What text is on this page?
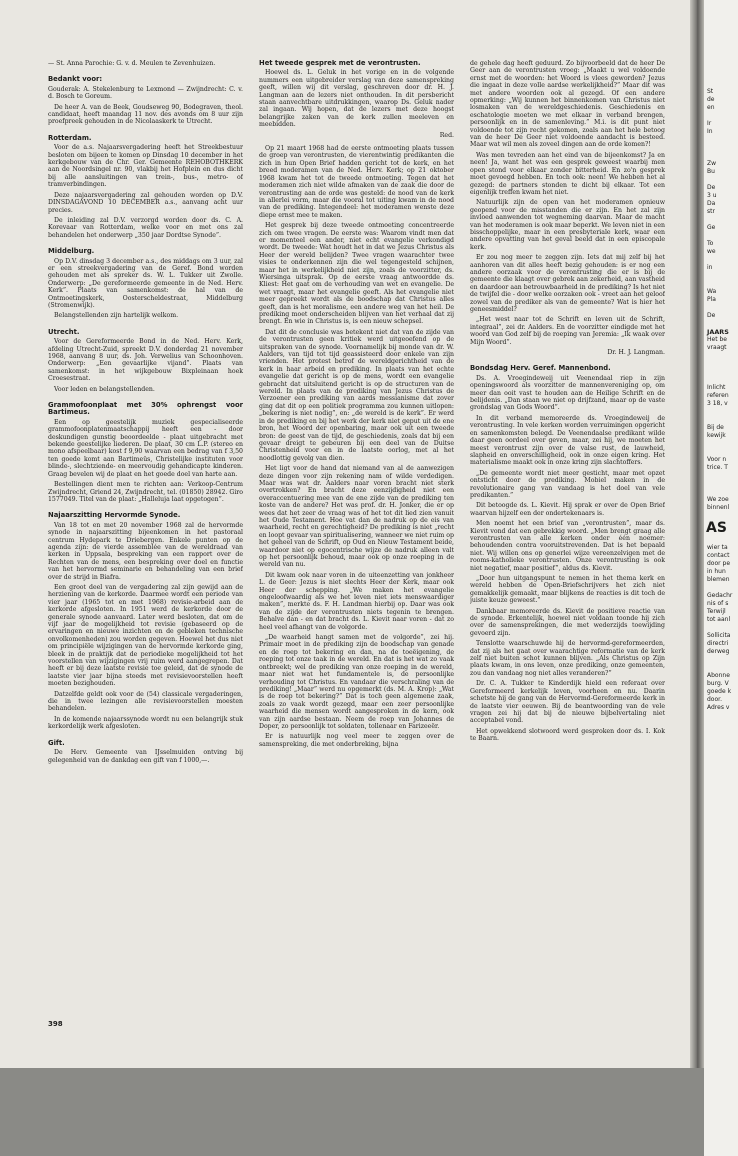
— St. Anna Parochie: G. v. d. Meulen te Zevenhuizen.

Bedankt voor:

Gouderak: A. Stekelenburg te Lexmond — Zwijndrecht: C. v. d. Bosch te Goreum.

De heer A. van de Beek, Goudseweg 90, Bodegraven, theol. candidaat, heeft maandag 11 nov. des avonds om 8 uur zijn proefpreek gehouden in de Nicolaaskerk te Utrecht.

Rotterdam.

Voor de a.s. Najaarsvergadering heeft het Streekbestuur besloten om bijeen te komen op Dinsdag 10 december in het kerkgebouw van de Chr. Ger. Gemeente REHOBOTHKERK aan de Noordsingel nr. 90, vlakbij het Hofplein en dus dicht bij alle aansluitingen van trein-, bus-, metro- of tramverbindingen.

Deze najaarsvergadering zal gehouden worden op D.V. DINSDAGAVOND 10 DECEMBER a.s., aanvang acht uur precies.

De inleiding zal D.V. verzorgd worden door ds. C. A. Korevaar van Rotterdam, welke voor en met ons zal behandelen het onderwerp „350 jaar Dordtse Synode”.

Middelburg.

Op D.V. dinsdag 3 december a.s., des middags om 3 uur, zal er een streekvergadering van de Geref. Bond worden gehouden met als spreker ds. W. L. Tukker uit Zwolle. Onderwerp: „De gereformeerde gemeente in de Ned. Herv. Kerk”. Plaats van samenkomst: de hal van de Ontmoetingskerk, Oosterscheldestraat, Middelburg (Stromenwijk).

Belangstellenden zijn hartelijk welkom.

Utrecht.

Voor de Gereformeerde Bond in de Ned. Herv. Kerk, afdeling Utrecht-Zuid, spreekt D.V. donderdag 21 november 1968, aanvang 8 uur, ds. Joh. Verwelius van Schoonhoven. Onderwerp: „Een gevaarlijke vijand”. Plaats van samenkomst: in het wijkgebouw Bixpleinaan hoek Croesestraat.

Voor leden en belangstellenden.

Grammofoonplaat met 30% ophrengst voor Bartimeus.

Een op geestelijk muziek gespecialiseerde grammofoonplatenmaatschappij heeft een - door deskundigen gunstig beoordeelde - plaat uitgebracht met bekende geestelijke liederen. De plaat, 30 cm L.P. (stereo en mono afspeelbaar) kost f 9,90 waarvan een bedrag van f 3,50 ten goede komt aan Bartimeüs, Christelijke instituten voor blinde-, slechtziende- en meervoudig gehandicapte kinderen. Graag bevelen wij de plaat en het goede doel van harte aan.

Bestellingen dient men te richten aan: Verkoop-Centrum Zwijndrecht, Griend 24, Zwijndrecht, tel. (01850) 28942. Giro 1577049. Titel van de plaat: „Halleluja laat opgetogen”.

Najaarszitting Hervormde Synode.

Van 18 tot en met 20 november 1968 zal de hervormde synode in najaarszitting bijeenkomen in het pastoraal centrum Hydepark te Driebergen. Enkele punten op de agenda zijn: de vierde assemblée van de wereldraad van kerken in Uppsala, bespreking van een rapport over de Rechten van de mens, een bespreking over doel en functie van het hervormd seminarie en behandeling van een brief over de strijd in Biafra.

Een groot deel van de vergadering zal zijn gewijd aan de herziening van de kerkorde. Daarmee wordt een periode van vier jaar (1965 tot en met 1968) revisie-arbeid aan de kerkorde afgesloten. In 1951 werd de kerkorde door de generale synode aanvaard. Later werd besloten, dat om de vijf jaar de mogelijkheid tot revisie (gebaseerd op de ervaringen en nieuwe inzichten en de gebleken technische onvolkomenheden) zou worden gegeven. Hoewel het dus niet om principiële wijzigingen van de hervormde kerkorde ging, bleek in de praktijk dat de periodieke mogelijkheid tot het voorstellen van wijzigingen vrij ruim werd aangegrepen. Dat heeft er bij deze laatste revisie toe geleid, dat de synode de laatste vier jaar bijna steeds met revisievoorstellen heeft moeten bezighouden.

Datzelfde geldt ook voor de (54) classicale vergaderingen, die in twee lezingen alle revisievoorstellen moesten behandelen.

In de komende najaarssynode wordt nu een belangrijk stuk kerkordelijk werk afgesloten.

Gift.

De Herv. Gemeente van IJsselmuiden ontving bij gelegenheid van de dankdag een gift van f 1000,—.

Het tweede gesprek met de verontrusten.

Hoewel ds. L. Geluk in het vorige en in de volgende nummers een uitgebreider verslag van deze samenspreking geeft, willen wij dit verslag, geschreven door dr. H. J. Langman aan de lezers niet onthouden. In dit persbericht staan aanvechtbare uitdrukkingen, waarop Ds. Geluk nader zal ingaan. Wij hopen, dat de lezers met deze hoogst belangrijke zaken van de kerk zullen meeleven en meebidden.

Red.

Op 21 maart 1968 had de eerste ontmoeting plaats tussen de groep van verontrusten, de vierentwintig predikanten die zich in hun Open Brief hadden gericht tot de kerk, en het breed moderamen van de Ned. Herv. Kerk; op 21 oktober 1968 kwam het tot de tweede ontmoeting. Tegen dat het moderamen zich niet wilde afmaken van de zaak die door de verontrusting aan de orde was gesteld: de nood van de kerk in allerlei vorm, maar die vooral tot uiting kwam in de nood van de prediking. Integendeel: het moderamen wenste deze diepe ernst mee te maken.

Het gesprek bij deze tweede ontmoeting concentreerde zich om twee vragen. De eerste was: Waarom vindt men dat er momenteel een ander, niet echt evangelie verkondigd wordt. De tweede: Wat houdt het in dat we Jezus Christus als Heer der wereld belijden? Twee vragen waarachter twee visies te onderkennen zijn die wel tegengesteld schijnen, maar het in werkelijkheid niet zijn, zoals de voorzitter, ds. Wiersinga uitsprak. Op de eerste vraag antwoordde ds. Kliest: Het gaat om de verhouding van wet en evangelie. De wet vraagt, maar het evangelie geeft. Als het evangelie niet meer gepreekt wordt als de boodschap dat Christus alles geeft, dan is het moralisme, een andere weg van het heil. De prediking moet onderscheiden blijven van het verhaal dat zij brengt. En wie in Christus is, is een nieuw schepsel.

Dat dit de conclusie was betekent niet dat van de zijde van de verontrusten geen kritiek werd uitgeoefend op de uitspraken van de synode. Voornamelijk bij monde van dr. W. Aalders, van tijd tot tijd geassisteerd door enkele van zijn vrienden. Het protest betrof de wereldgerichtheid van de kerk in haar arbeid en prediking. In plaats van het echte evangelie dat gericht is op de mens, wordt een evangelie gebracht dat uitsluitend gericht is op de structuren van de wereld. In plaats van de prediking van Jezus Christus de Verzoener een prediking van aards messianisme dat zover ging dat dit op een politiek programma zou kunnen uitlopen: „bekering is niet nodig”, en: „de wereld is de kerk”. Er werd in de prediking en bij het werk der kerk niet geput uit de ene bron, het Woord der openbaring, maar ook uit een tweede bron: de geest van de tijd, de geschiedenis, zoals dat bij een gevaar dreigt te gebeuren bij een deel van de Duitse Christenheid voor en in de laatste oorlog, met al het noodlottig gevolg van dien.

Het ligt voor de hand dat niemand van al de aanwezigen deze dingen voor zijn rekening nam of wilde verdedigen. Maar was wat dr. Aalders naar voren bracht niet sterk overtrokken? En bracht deze eenzijdigheid niet een overaccentuering mee van de ene zijde van de prediking ten koste van de andere? Het was prof. dr. H. Jonker, die er op wees dat het zeer de vraag was of het tot dit lied zien vanuit het Oude Testament. Hoe vat dan de nadruk op de eis van waarheid, recht en gerechtigheid? De prediking is niet „recht en loopt gevaar van spiritualisering, wanneer we niet ruim op het geheel van de Schrift, op Oud en Nieuw Testament beide, waardoor niet op egocentrische wijze de nadruk alleen valt op het persoonlijk behoud, maar ook op onze roeping in de wereld van nu.

Dit kwam ook naar voren in de uiteenzetting van jonkheer L. de Geer: Jezus is niet slechts Heer der Kerk, maar ook Heer der schepping. „We maken het evangelie ongeloofwaardig als we het leven niet iets menswaardiger maken”, merkte ds. F. H. Landman hierbij op. Daar was ook van de zijde der verontrusten niets tegenin te brengen. Behalve dan - en dat bracht ds. L. Kievit naar voren - dat zo heel veel afhangt van de volgorde.

„De waarheid hangt samen met de volgorde”, zei hij. Primair moet in de prediking zijn de boodschap van genade en de roep tot bekering en dan, na de toeëigening, de roeping tot onze taak in de wereld. En dat is het wat zo vaak ontbreekt; wel de prediking van onze roeping in de wereld, maar niet wat het fundamentele is, de persoonlijke verhouding tot Christus. En vandaar die verschraling van de prediking! „Maar” werd nu opgemerkt (ds. M. A. Krop): „Wat is de roep tot bekering?” Dat is toch geen algemene zaak, zoals zo vaak wordt gezegd, maar een zeer persoonlijke waarheid die mensen wordt aangesproken in de kern, ook van zijn aardse bestaan. Neem de roep van Johannes de Doper, zo persoonlijk tot soldaten, tollenaar en Farizeeër.

Er is natuurlijk nog veel meer te zeggen over de samenspreking, die met onderbreking, bijna

de gehele dag heeft geduurd. Zo bijvoorbeeld dat de heer De Geer aan de verontrusten vroeg: „Maakt u wel voldoende ernst met de woorden: het Woord is vlees geworden? Jezus die ingaat in deze volle aardse werkelijkheid?” Maar dit was met andere woorden ook al gezegd. Of een andere opmerking: „Wij kunnen het binnenkomen van Christus niet losmaken van de wereldgeschiedenis. Geschiedenis en eschatologie moeten we met elkaar in verband brengen, persoonlijk en in de samenleving.” M.i. is dit punt niet voldoende tot zijn recht gekomen, zoals aan het hele betoog van de heer De Geer niet voldoende aandacht is besteed. Maar wat wil men als zoveel dingen aan de orde komen?!

Was men tevreden aan het eind van de bijeenkomst? Ja en neen! Ja, want het was een gesprek geweest waarbij men open stond voor elkaar zonder bitterheid. En zo'n gesprek moet gevoegd hebben. En toch ook: neen! We hebben het al gezegd: de partners stonden te dicht bij elkaar. Tot een eigenlijk treffen kwam het niet.

Natuurlijk zijn de open van het moderamen opnieuw geopend voor de misstanden die er zijn. En het zal zijn invloed aanwenden tot wegneming daarvan. Maar de macht van het moderamen is ook maar beperkt. We leven niet in een bisschoppelijke, maar in een presbyteriale kerk, waar een andere opvatting van het geval beeld dat in een episcopale kerk.

Er zou nog meer te zeggen zijn. Iets dat mij zelf bij het aanhoren van dit alles heeft bezig gehouden: is er nog een andere oorzaak voor de verontrusting die er is bij de gemeente die klaagt over gebrek aan zekerheid, aan vastheid en daardoor aan betrouwbaarheid in de prediking? Is het niet de twijfel die - door welke oorzaken ook - vreet aan het geloof zowel van de prediker als van de gemeente? Wat is hier het geneesmiddel?

„Het west naar tot de Schrift en leven uit de Schrift, integraal”, zei dr. Aalders. En de voorzitter eindigde met het woord van God zelf bij de roeping van Jeremia: „Ik waak over Mijn Woord”.

Dr. H. J. Langman.
Bondsdag Herv. Geref. Mannenbond.

Ds. A. Vroegindeweij uit Veenendaal riep in zijn openingswoord als voorzitter de mannenvereniging op, om meer dan ooit vast te houden aan de Heilige Schrift en de belijdenis. „Dan staan we niet op drijfzand, maar op de vaste grondslag van Gods Woord”.

In dit verband memoreerde ds. Vroegindeweij de verontrusting. In vele kerken worden verruimingen opgericht en samenkomsten belegd. De Veenendaalse predikant wilde daar geen oordeel over geven, maar, zei hij, we moeten het meest verontrust zijn over de valse rust, de lauwheid, slapheid en onverschilligheid, ook in onze eigen kring. Het materialisme maakt ook in onze kring zijn slachtoffers.

„De gemeente wordt niet meer gesticht, maar met opzet ontsticht door de prediking. Mobiel maken in de revolutionaire gang van vandaag is het doel van vele predikanten.”

Dit betoogde ds. L. Kievit. Hij sprak er over de Open Brief waarvan hijzelf een der ondertekenaars is.

Men noemt het een brief van „verontrusten”, maar ds. Kievit vond dat een gebrekkig woord. „Men brengt graag alle verontrusten van alle kerken onder één noemer: behoudenden contra vooruitstrevenden. Dat is het bepaald niet. Wij willen ons op generlei wijze vereenzelvigen met de rooms-katholieke verontrusten. Onze verontrusting is ook niet negatief, maar positief”, aldus ds. Kievit.

„Door hun uitgangspunt te nemen in het thema kerk en wereld hebben de Open-Briefschrijvers het zich niet gemakkelijk gemaakt, maar blijkens de reacties is dit toch de juiste keuze geweest.”

Dankbaar memoreerde ds. Kievit de positieve reactie van de synode. Erkentelijk, hoewel niet voldaan toonde hij zich over de samensprekingen, die met wederzijds toewijding gevoerd zijn.

Tenslotte waarschuwde hij de hervormd-gereformeerden, dat zij als het gaat over waarachtige reformatie van de kerk zelf niet buiten schot kunnen blijven. „Als Christus op Zijn plaats kwam, in ons leven, onze prediking, onze gemeenten, zou dan vandaag nog niet alles veranderen?”

Dr. C. A. Tukker te Kinderdijk hield een referaat over Gereformeerd kerkelijk leven, voorheen en nu. Daarin schetste hij de gang van de Hervormd-Gereformeerde kerk in de laatste vier eeuwen. Bij de beantwoording van de vele vragen zei hij dat bij de nieuwe bijbelvertaling niet acceptabel vond.

Het opwekkend slotwoord werd gesproken door ds. I. Kok te Baarn.

398
St
de
en

Ir
In

Zw
Bu

De
3 u
Da
str

Ge

To
we

in

Wa
Pla

De

JAARS
Het be
vraagt

Inlicht
referen
3 18, v

Bij de
kewijk

Voor n
trice. T

We zoe
binnenl

AS

wier ta
contact
door pe
in hun
blemen

Gedachr
nis of s
Terwijl
tot aanl

Sollicita
directri
derweg

Abonne
burg. V
goede k
door.
Adres v
